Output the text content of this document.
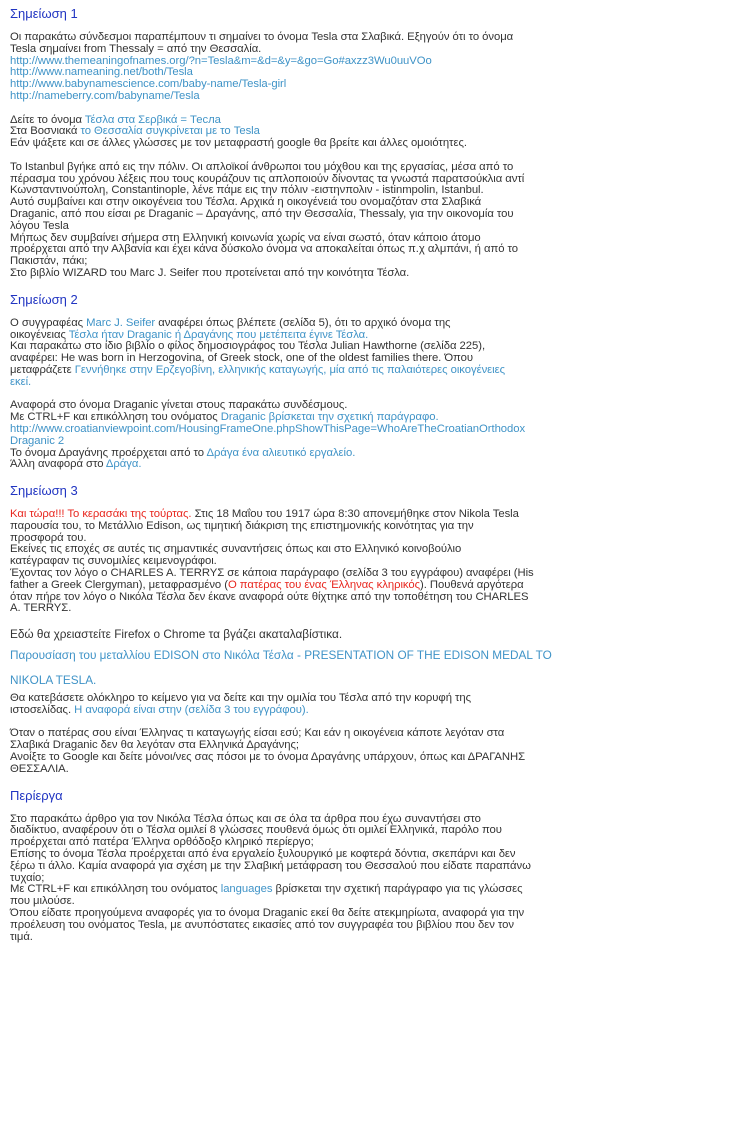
Σημείωση 1
Οι παρακάτω σύνδεσμοι παραπέμπουν τι σημαίνει το όνομα Tesla στα Σλαβικά. Εξηγούν ότι το όνομα
Tesla σημαίνει from Thessaly = από την Θεσσαλία.
http://www.themeaningofnames.org/?n=Tesla&m=&d=&y=&go=Go#axzz3Wu0uuVOo
http://www.nameaning.net/both/Tesla
http://www.babynamescience.com/baby-name/Tesla-girl
http://nameberry.com/babyname/Tesla
Δείτε το όνομα Τέσλα στα Σερβικά = Тесла
Στα Βοσνιακά το Θεσσαλία συγκρίνεται με το Tesla
Εάν ψάξετε και σε άλλες γλώσσες με τον μεταφραστή google θα βρείτε και άλλες ομοιότητες.
Το Istanbul βγήκε από εις την πόλιν. Οι απλοϊκοί άνθρωποι του μόχθου και της εργασίας, μέσα από το
πέρασμα του χρόνου λέξεις που τους κουράζουν τις απλοποιούν δίνοντας τα γνωστά παρατσούκλια αντί
Κωνσταντινούπολη, Constantinople, λένε πάμε εις την πόλιν -ειστηνπολιν - istinmpolin, Istanbul.
Αυτό συμβαίνει και στην οικογένεια του Τέσλα. Αρχικά η οικογένειά του ονομαζόταν στα Σλαβικά
Draganic, από που είσαι ρε Draganic – Δραγάνης, από την Θεσσαλία, Thessaly, για την οικονομία του
λόγου Tesla
Μήπως δεν συμβαίνει σήμερα στη Ελληνική κοινωνία χωρίς να είναι σωστό, όταν κάποιο άτομο
προέρχεται από την Αλβανία και έχει κάνα δύσκολο όνομα να αποκαλείται όπως π.χ αλμπάνι, ή από το
Πακιστάν, πάκι;
Στο βιβλίο WIZARD του Marc J. Seifer που προτείνεται από την κοινότητα Τέσλα.
Σημείωση 2
Ο συγγραφέας Marc J. Seifer αναφέρει όπως βλέπετε (σελίδα 5), ότι το αρχικό όνομα της
οικογένειας Τέσλα ήταν Draganic ή Δραγάνης που μετέπειτα έγινε Τέσλα.
Και παρακάτω στο ίδιο βιβλίο ο φίλος δημοσιογράφος του Τέσλα Julian Hawthorne (σελίδα 225),
αναφέρει: He was born in Herzogovina, of Greek stock, one of the oldest families there. Όπου
μεταφράζετε Γεννήθηκε στην Ερζεγοβίνη, ελληνικής καταγωγής, μία από τις παλαιότερες οικογένειες
εκεί.
Αναφορά στο όνομα Draganic γίνεται στους παρακάτω συνδέσμους.
Με CTRL+F και επικόλληση του ονόματος Draganic βρίσκεται την σχετική παράγραφο.
http://www.croatianviewpoint.com/HousingFrameOne.phpShowThisPage=WhoAreTheCroatianOrthodox
Draganic 2
Το όνομα Δραγάνης προέρχεται από το Δράγα ένα αλιευτικό εργαλείο.
Άλλη αναφορά στο Δράγα.
Σημείωση 3
Και τώρα!!! Το κερασάκι της τούρτας. Στις 18 Μαΐου του 1917 ώρα 8:30 απονεμήθηκε στον Nikola Tesla
παρουσία του, το Μετάλλιο Edison, ως τιμητική διάκριση της επιστημονικής κοινότητας για την
προσφορά του.
Εκείνες τις εποχές σε αυτές τις σημαντικές συναντήσεις όπως και στο Ελληνικό κοινοβούλιο
κατέγραφαν τις συνομιλίες κειμενογράφοι.
Έχοντας τον λόγο ο CHARLES A. TERRYΣ σε κάποια παράγραφο (σελίδα 3 του εγγράφου) αναφέρει (His
father a Greek Clergyman), μεταφρασμένο (Ο πατέρας του ένας Έλληνας κληρικός). Πουθενά αργότερα
όταν πήρε τον λόγο ο Νικόλα Τέσλα δεν έκανε αναφορά ούτε θίχτηκε από την τοποθέτηση του CHARLES
A. TERRYΣ.
Εδώ θα χρειαστείτε Firefox ο Chrome τα βγάζει ακαταλαβίστικα.
Παρουσίαση του μεταλλίου EDISON στο Νικόλα Τέσλα - PRESENTATION OF THE EDISON MEDAL TO
NIKOLA TESLA.
Θα κατεβάσετε ολόκληρο το κείμενο για να δείτε και την ομιλία του Τέσλα από την κορυφή της
ιστοσελίδας. Η αναφορά είναι στην (σελίδα 3 του εγγράφου).
Όταν ο πατέρας σου είναι Έλληνας τι καταγωγής είσαι εσύ; Και εάν η οικογένεια κάποτε λεγόταν στα
Σλαβικά Draganic δεν θα λεγόταν στα Ελληνικά Δραγάνης;
Ανοίξτε το Google και δείτε μόνοι/νες σας πόσοι με το όνομα Δραγάνης υπάρχουν, όπως και ΔΡΑΓΑΝΗΣ
ΘΕΣΣΑΛΙΑ.
Περίεργα
Στο παρακάτω άρθρο για τον Νικόλα Τέσλα όπως και σε όλα τα άρθρα που έχω συναντήσει στο
διαδίκτυο, αναφέρουν ότι ο Τέσλα ομιλεί 8 γλώσσες πουθενά όμως ότι ομιλεί Ελληνικά, παρόλο που
προέρχεται από πατέρα Έλληνα ορθόδοξο κληρικό περίεργο;
Επίσης το όνομα Τέσλα προέρχεται από ένα εργαλείο ξυλουργικό με κοφτερά δόντια, σκεπάρνι και δεν
ξέρω τι άλλο. Καμία αναφορά για σχέση με την Σλαβική μετάφραση του Θεσσαλού που είδατε παραπάνω
τυχαίο;
Με CTRL+F και επικόλληση του ονόματος languages βρίσκεται την σχετική παράγραφο για τις γλώσσες
που μιλούσε.
Όπου είδατε προηγούμενα αναφορές για το όνομα Draganic εκεί θα δείτε ατεκμηρίωτα, αναφορά για την
προέλευση του ονόματος Tesla, με ανυπόστατες εικασίες από τον συγγραφέα του βιβλίου που δεν τον
τιμά.
